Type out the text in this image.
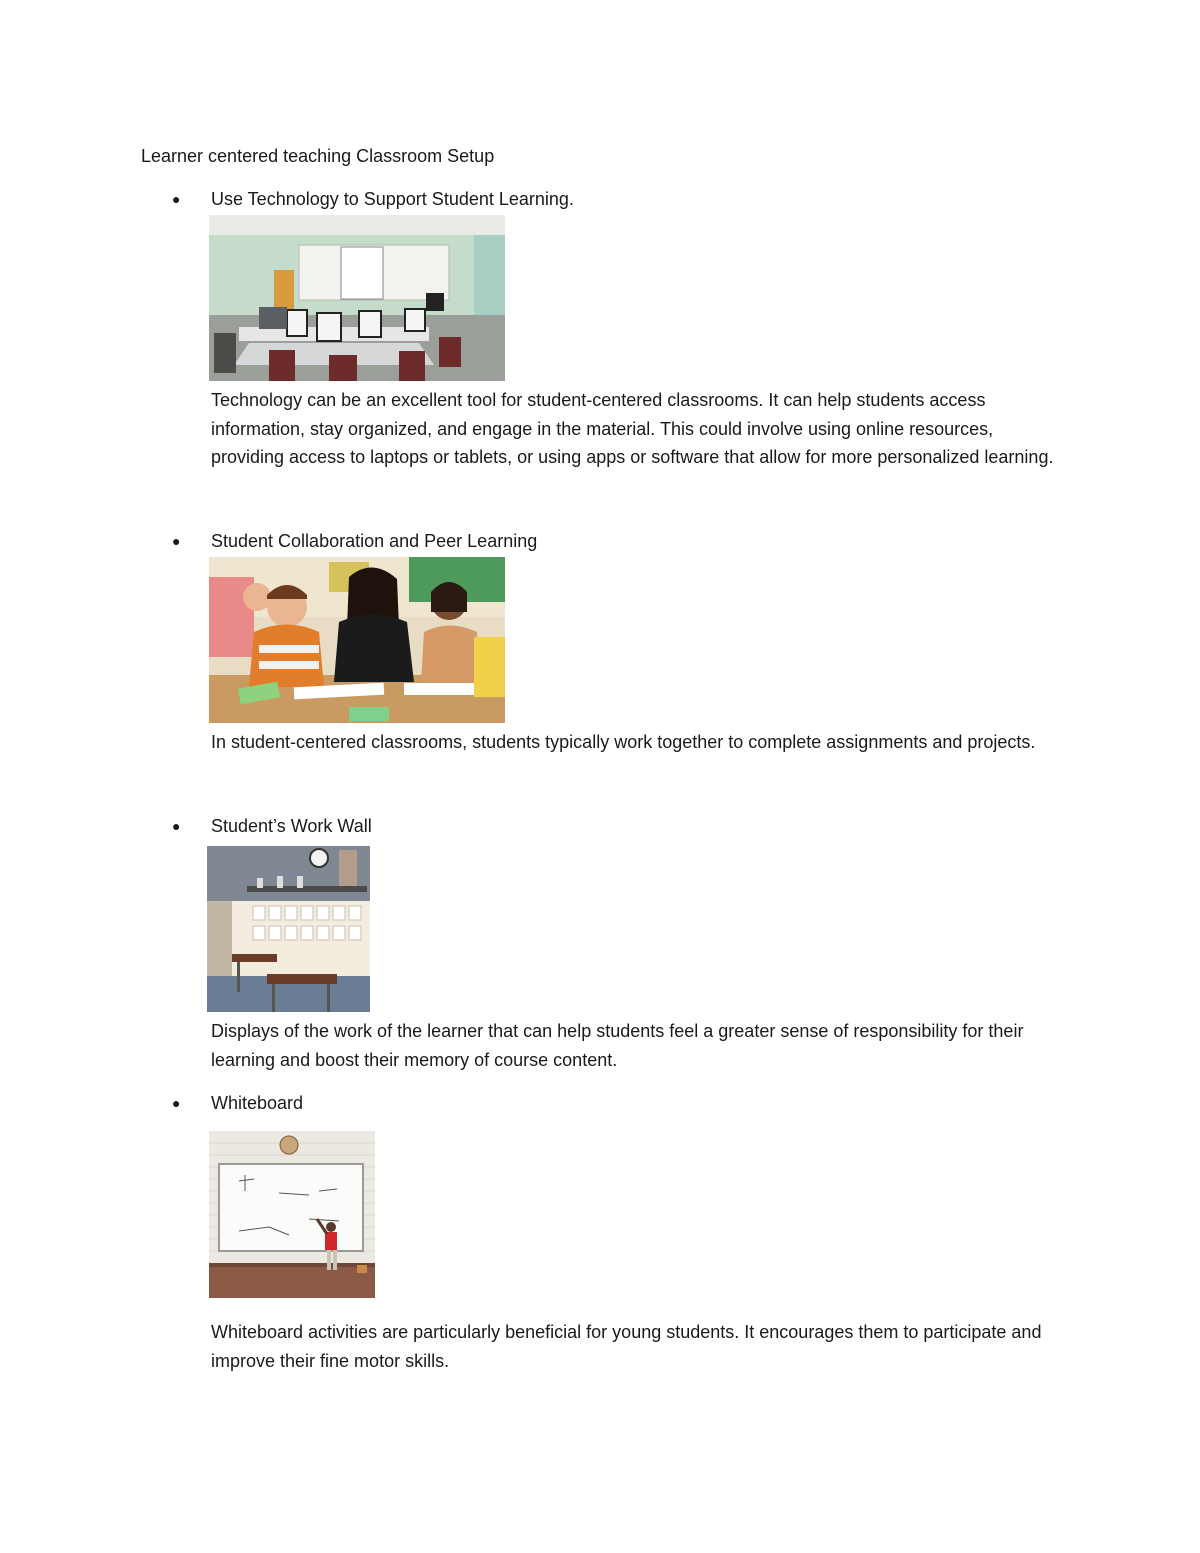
Learner centered teaching Classroom Setup
● Use Technology to Support Student Learning.

Technology can be an excellent tool for student-centered classrooms. It can help students access information, stay organized, and engage in the material. This could involve using online resources, providing access to laptops or tablets, or using apps or software that allow for more personalized learning.

● Student Collaboration and Peer Learning

In student-centered classrooms, students typically work together to complete assignments and projects.

● Student’s Work Wall

Displays of the work of the learner that can help students feel a greater sense of responsibility for their learning and boost their memory of course content.

● Whiteboard

Whiteboard activities are particularly beneficial for young students. It encourages them to participate and improve their fine motor skills.
